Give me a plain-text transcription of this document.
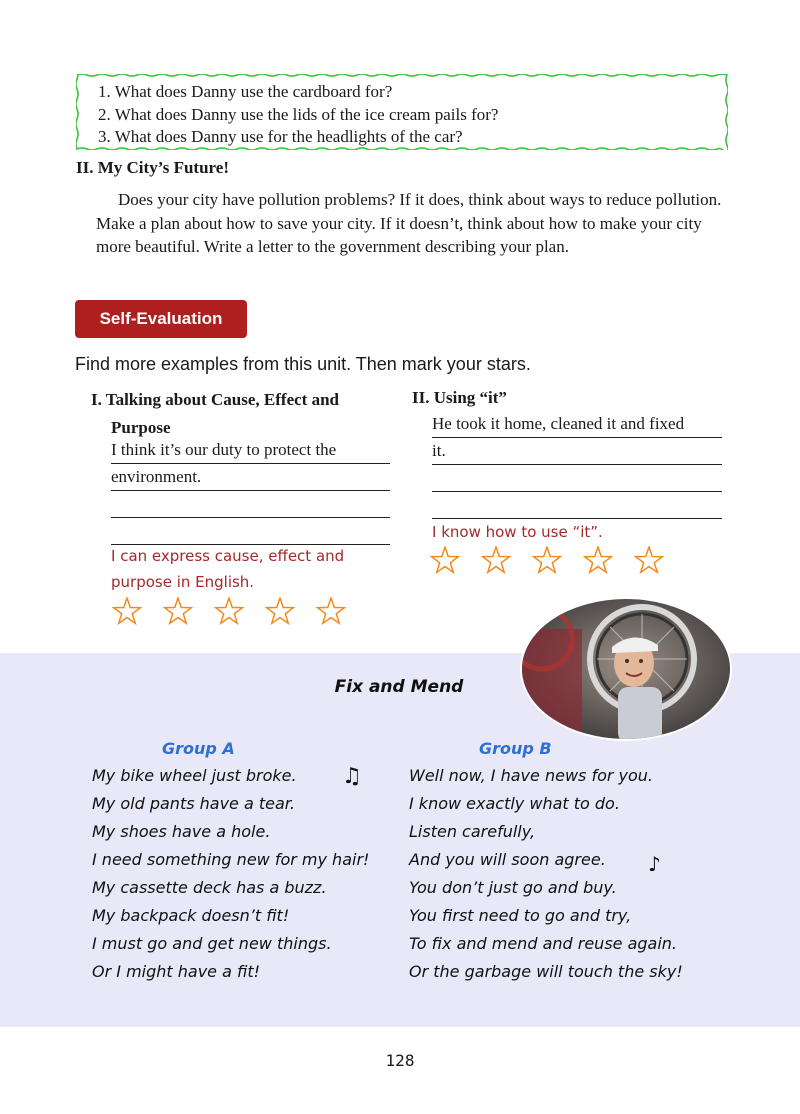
1. What does Danny use the cardboard for?
2. What does Danny use the lids of the ice cream pails for?
3. What does Danny use for the headlights of the car?
II. My City’s Future!

Does your city have pollution problems? If it does, think about ways to reduce pollution. Make a plan about how to save your city. If it doesn’t, think about how to make your city more beautiful. Write a letter to the government describing your plan.

Self-Evaluation
Find more examples from this unit. Then mark your stars.
I. Talking about Cause, Effect and
Purpose
I think it’s our duty to protect the
environment.
I can express cause, effect and purpose in English.
II. Using “it”
He took it home, cleaned it and fixed
it.
I know how to use “it”.
Fix and Mend
Group A	Group B
My bike wheel just broke.
My old pants have a tear.
My shoes have a hole.
I need something new for my hair!
My cassette deck has a buzz.
My backpack doesn’t fit!
I must go and get new things.
Or I might have a fit!
Well now, I have news for you.
I know exactly what to do.
Listen carefully,
And you will soon agree.
You don’t just go and buy.
You first need to go and try,
To fix and mend and reuse again.
Or the garbage will touch the sky!
♫
♪
128
